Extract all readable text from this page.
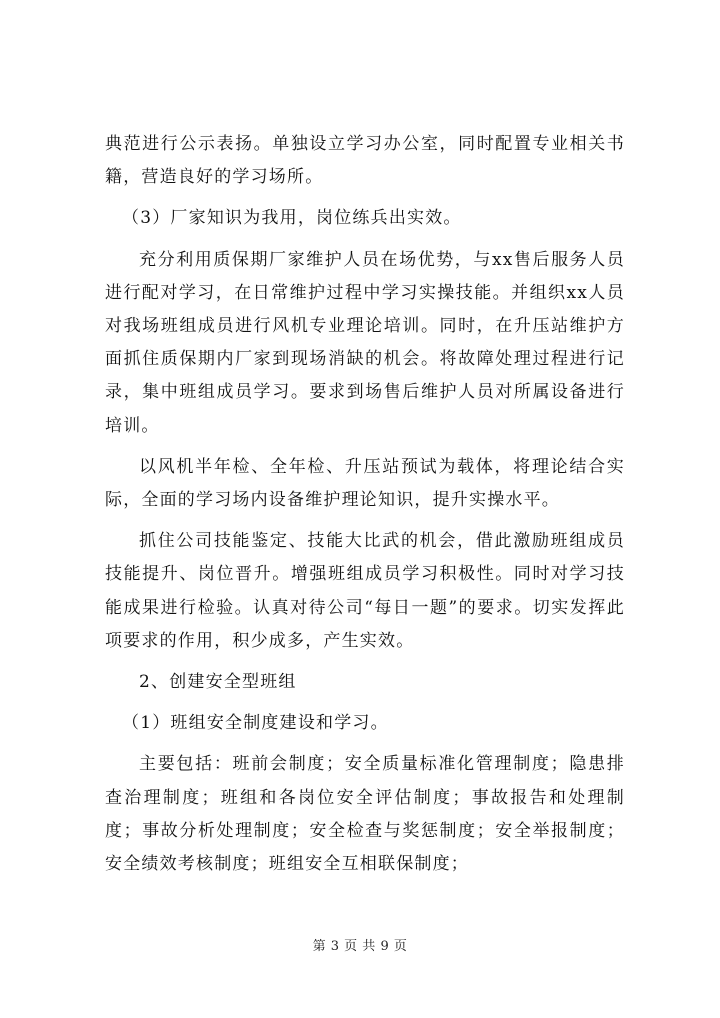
典范进行公示表扬。单独设立学习办公室，同时配置专业相关书籍，营造良好的学习场所。

（3）厂家知识为我用，岗位练兵出实效。

充分利用质保期厂家维护人员在场优势，与xx售后服务人员进行配对学习，在日常维护过程中学习实操技能。并组织xx人员对我场班组成员进行风机专业理论培训。同时，在升压站维护方面抓住质保期内厂家到现场消缺的机会。将故障处理过程进行记录，集中班组成员学习。要求到场售后维护人员对所属设备进行培训。

以风机半年检、全年检、升压站预试为载体，将理论结合实际，全面的学习场内设备维护理论知识，提升实操水平。

抓住公司技能鉴定、技能大比武的机会，借此激励班组成员技能提升、岗位晋升。增强班组成员学习积极性。同时对学习技能成果进行检验。认真对待公司“每日一题”的要求。切实发挥此项要求的作用，积少成多，产生实效。

2、创建安全型班组

（1）班组安全制度建设和学习。

主要包括：班前会制度；安全质量标准化管理制度；隐患排查治理制度；班组和各岗位安全评估制度；事故报告和处理制度；事故分析处理制度；安全检查与奖惩制度；安全举报制度；安全绩效考核制度；班组安全互相联保制度；

第 3 页 共 9 页
